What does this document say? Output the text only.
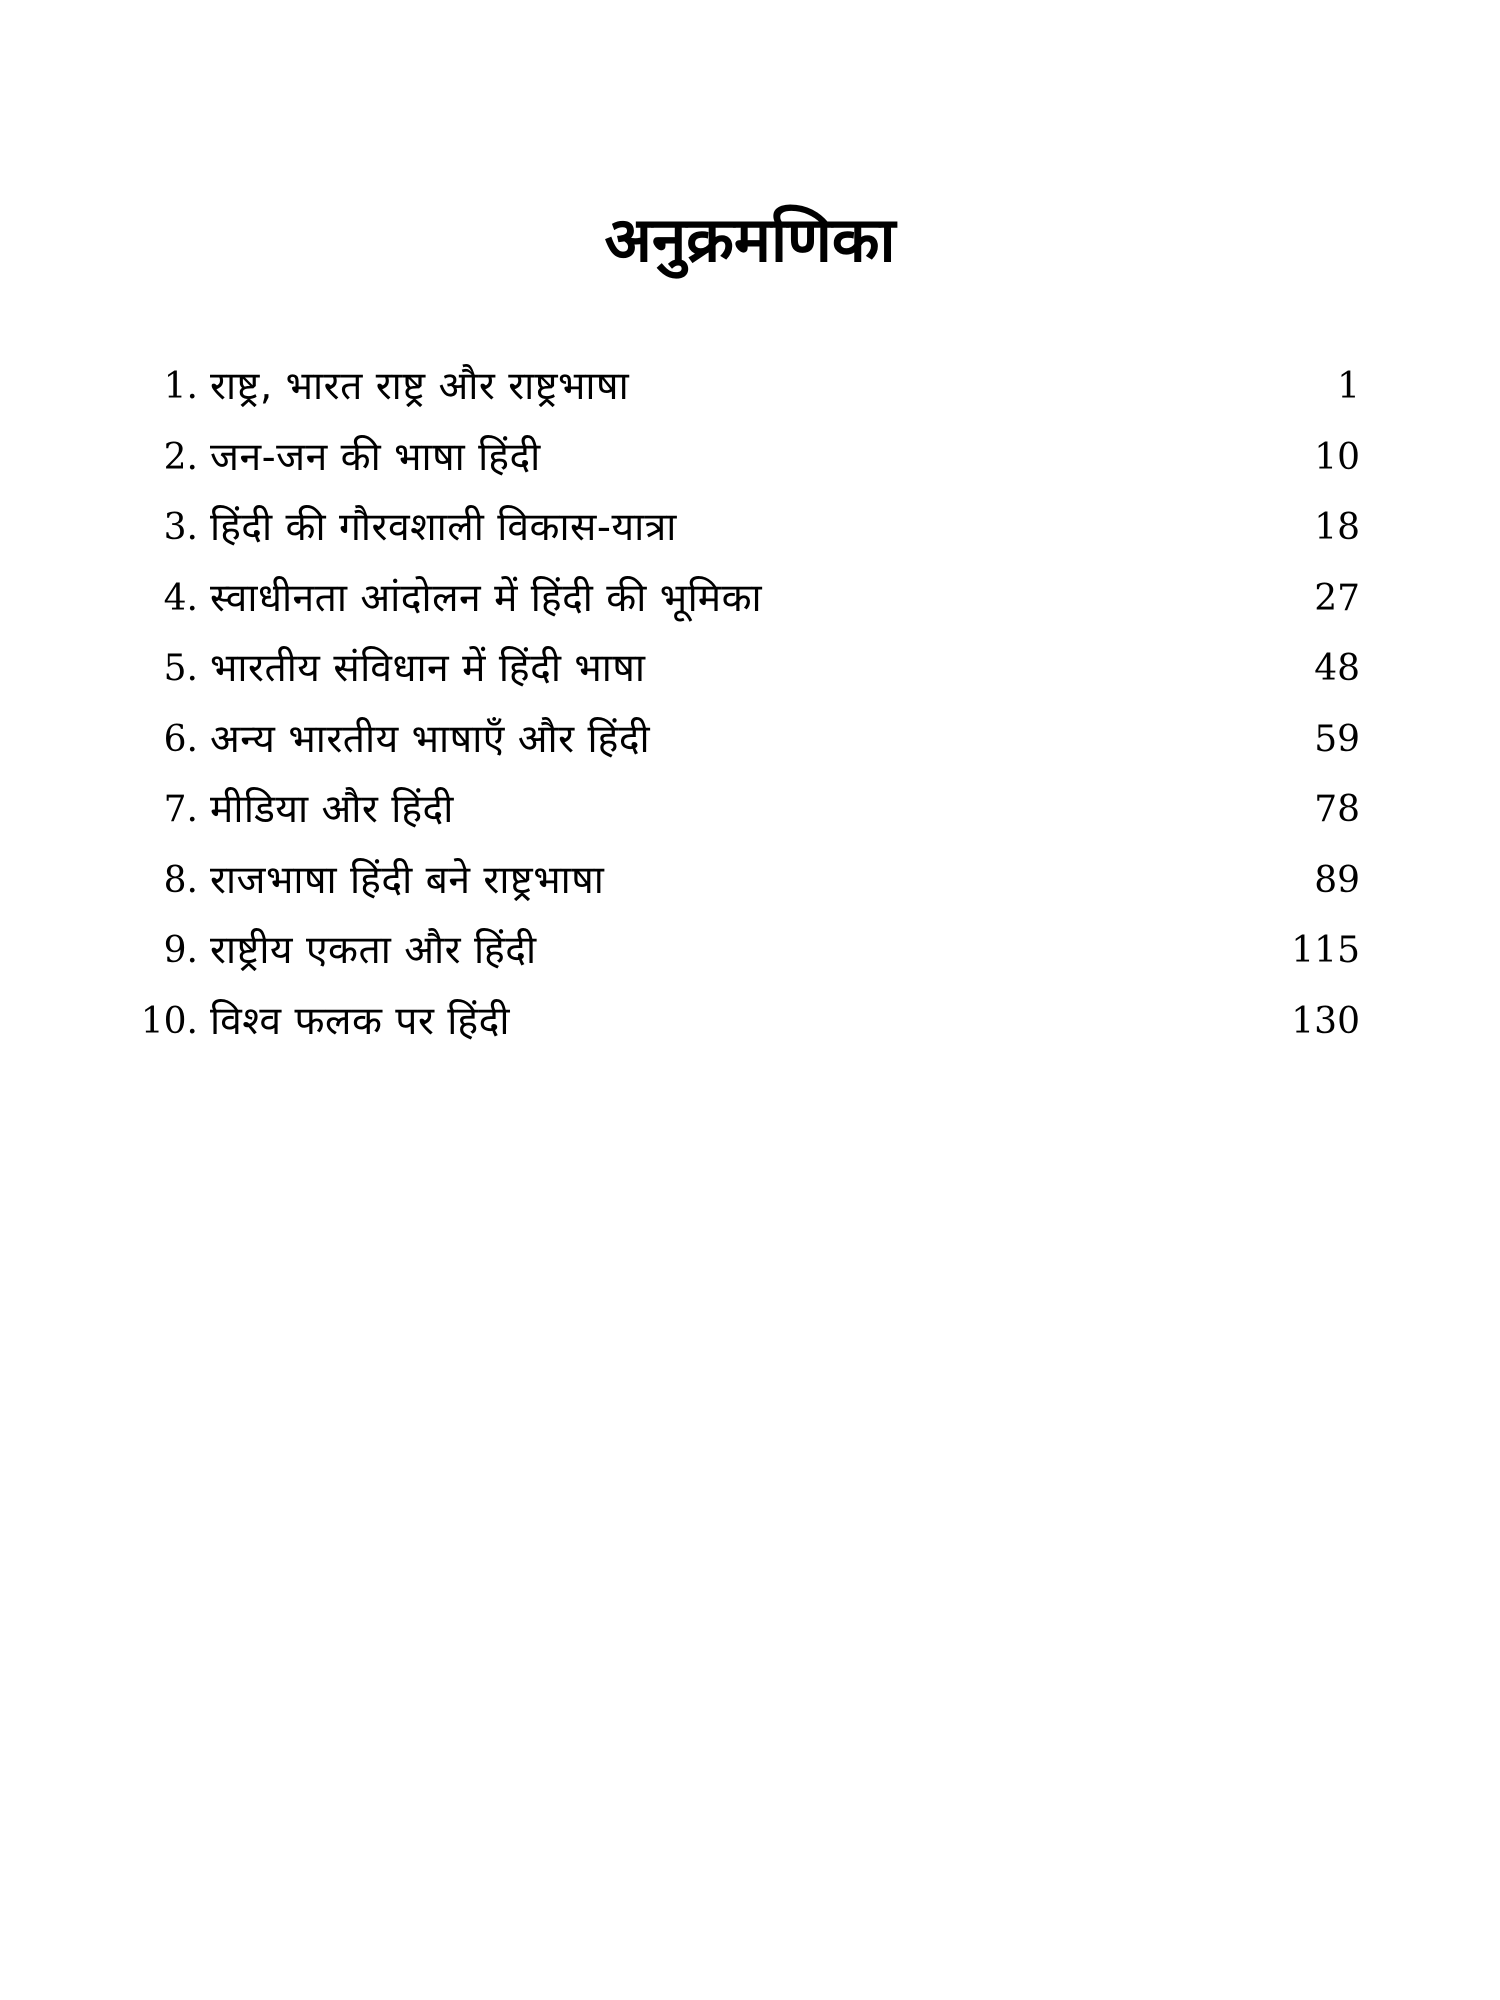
अनुक्रमणिका
1. राष्ट्र, भारत राष्ट्र और राष्ट्रभाषा	1
2. जन-जन की भाषा हिंदी	10
3. हिंदी की गौरवशाली विकास-यात्रा	18
4. स्वाधीनता आंदोलन में हिंदी की भूमिका	27
5. भारतीय संविधान में हिंदी भाषा	48
6. अन्य भारतीय भाषाएँ और हिंदी	59
7. मीडिया और हिंदी	78
8. राजभाषा हिंदी बने राष्ट्रभाषा	89
9. राष्ट्रीय एकता और हिंदी	115
10. विश्व फलक पर हिंदी	130
